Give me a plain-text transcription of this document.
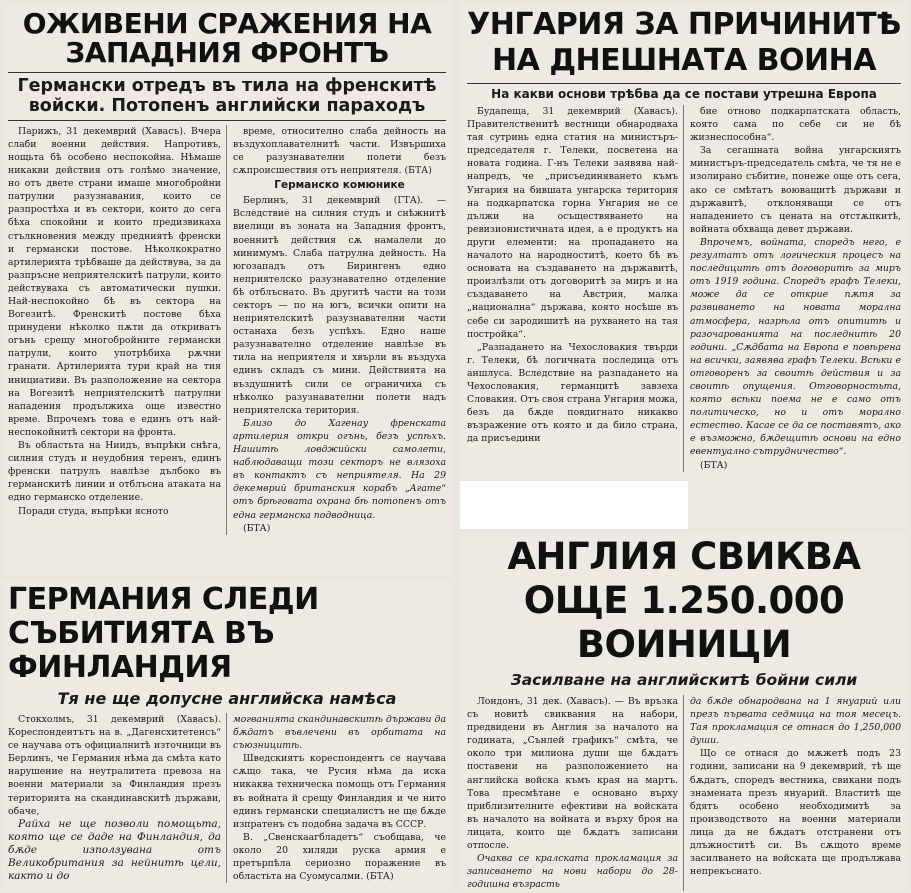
ОЖИВЕНИ СРАЖЕНИЯ НА ЗАПАДНИЯ ФРОНТЪ
Германски отредъ въ тила на френскитѣ войски. Потопенъ английски параходъ

Парижъ, 31 декемврий (Хавасъ). Вчера слаби военни действия. Напротивъ, нощьта бѣ особено неспокойна. Нѣмаше никакви действия отъ голѣмо значение, но отъ двете страни имаше многобройни патрулни разузнавания, които се разпростѣха и въ сектори, които до сега бѣха спокойни и които предизвикаха стълкновения между предниятѣ френски и германски постове. Нѣколкократно артилерията трѣбваше да действува, за да разпръсне неприятелскитѣ патрули, които действуваха съ автоматически пушки. Най-неспокойно бѣ въ сектора на Вогезитѣ. Френскитѣ постове бѣха принудени нѣколко пѫти да откриватъ огънь срещу многобройните германски патрули, които употрѣбиха рѫчни гранати. Артилерията тури край на тия инициативи. Въ разположение на сектора на Вогезитѣ неприятелскитѣ патрулни нападения продължиха още известно време. Впрочемъ това е единъ отъ най-неспокойнитѣ сектори на фронта.

Въ областьта на Ниидъ, въпрѣки снѣга, силния студъ и неудобния теренъ, единъ френски патрулъ навлѣзе дълбоко въ германскитѣ линии и отблъсна атаката на едно германско отделение.

Поради студа, въпрѣки ясното

време, относително слаба дейность на въздухоплавателнитѣ части. Извършиха се разузнавателни полети безъ сѫпроисшествия отъ неприятеля. (БТА)

Германско комюнике

Берлинъ, 31 декемврий (ГТА). — Вследствие на силния студъ и снѣжнитѣ виелици въ зоната на Западния фронтъ, военнитѣ действия сѫ намалели до минимумъ. Слаба патрулна дейность. На югозападъ отъ Бирингенъ едно неприятелско разузнавателно отделение бѣ отблъснато. Въ другитѣ части на този секторъ — по на югъ, всички опити на неприятелскитѣ разузнавателни части останаха безъ успѣхъ. Едно наше разузнавателно отделение навлѣзе въ тила на неприятеля и хвърли въ въздуха единъ складъ съ мини. Действията на въздушнитѣ сили се ограничиха съ нѣколко разузнавателни полети надъ неприятелска територия.

Близо до Хагенау френската артилерия откри огънь, безъ успѣхъ. Нашитѣ ловджийски самолети, наблюдаващи този секторъ не влязоха въ контактъ съ неприятеля. На 29 декемврий британския корабъ „Агате“ отъ брѣговата охрана бѣ потопенъ отъ една германска подводница.

(БТА)

УНГАРИЯ ЗА ПРИЧИНИТѢ НА ДНЕШНАТА ВОИНА
На какви основи трѣбва да се постави утрешна Европа

Будапеща, 31 декемврий (Хавасъ). Правителственитѣ вестници обнародваха тая сутринь една статия на министъръ-председателя г. Телеки, посветена на новата година. Г-нъ Телеки заявява най-напредъ, че „присъединяването къмъ Унгария на бившата унгарска територия на подкарпатска горна Унгария не се дължи на осъществяването на ревизионистичната идея, а е продуктъ на други елементи: на пропадането на началото на народноститѣ, което бѣ въ основата на създаването на държавитѣ, произлѣзли отъ договоритѣ за миръ и на създаването на Австрия, малка „национална“ държава, която носѣше въ себе си зародишитѣ на рухването на тая постройка“.

„Разпадането на Чехословакия твърди г. Телеки, бѣ логичната последица отъ аншлуса. Вследствие на разпадането на Чехословакия, германцитѣ завзеха Словакия. Отъ своя страна Унгария можа, безъ да бѫде повдигнато никакво възражение отъ която и да било страна, да присъедини

бие отново подкарпатската область, която сама по себе си не бѣ жизнеспособна“.

За сегашната война унгарскиятъ министъръ-председатель смѣта, че тя не е изолирано събитие, понеже още отъ сега, ако се смѣтатъ воюващитѣ държави и държавитѣ, отклоняващи се отъ нападението съ цената на отстѫпкитѣ, войната обхваща девет държави.

Впрочемъ, войната, споредъ него, е резултатъ отъ логическия процесъ на последицитѣ отъ договоритѣ за миръ отъ 1919 година. Споредъ графъ Телеки, може да се открие пѫтя за развиването на новата морална атмосфера, назрѣла отъ опититѣ и разочарованията на последнитѣ 20 години. „Сѫдбата на Европа е повѣрена на всички, заявява графъ Телеки. Всѣки е отговоренъ за своитѣ действия и за своитѣ опущения. Отговорностьта, която всѣки поема не е само отъ политическо, но и отъ морално естество. Касае се да се поставятъ, ако е възможно, бѫдещитѣ основи на едно евентуално сътрудничество“.

(БТА)

ГЕРМАНИЯ СЛЕДИ СЪБИТИЯТА ВЪ ФИНЛАНДИЯ
Тя не ще допусне английска намѣса

Стокхолмъ, 31 декемврий (Хавасъ). Кореспондентътъ на в. „Дагенсхитетенсъ“ се научава отъ официалнитѣ източници въ Берлинъ, че Германия нѣма да смѣта като нарушение на неутралитета превоза на военни материали за Финландия презъ територията на скандинавскитѣ държави, обаче,

Райха не ще позволи помощьта, която ще се даде на Финландия, да бѫде използувана отъ Великобритания за нейнитѣ цели, както и до

могванията скандинавскитѣ държави да бѫдатъ въвлечени въ орбитата на съюзницитѣ.

Шведскиятъ кореспондентъ се научава сѫщо така, че Русия нѣма да иска никаква техническа помощь отъ Германия въ войната й срещу Финландия и че нито единъ германски специалистъ не ще бѫде изпратенъ съ подобна задача въ СССР.

В. „Свенскаагбладетъ“ съобщава, че около 20 хиляди руска армия е претърпѣла сериозно поражение въ областьта на Суомусалми. (БТА)

АНГЛИЯ СВИКВА ОЩЕ 1.250.000 ВОИНИЦИ
Засилване на английскитѣ бойни сили

Лондонъ, 31 дек. (Хавасъ). — Въ връзка съ новитѣ свиквания на набори, предвидени въ Англия за началото на годината, „Сънлей графикъ“ смѣта, че около три милиона души ще бѫдатъ поставени на разположението на английска войска къмъ края на мартъ. Това пресмѣтане е основано върху приблизителните ефективи на войската въ началото на войната и върху броя на лицата, които ще бѫдатъ записани отпосле.

Очаква се кралската прокламация за записването на нови набори до 28-годишна възрасть

да бѫде обнародвана на 1 януарий или презъ първата седмица на тоя месецъ. Тая прокламация се отнася до 1,250,000 души.

Що се отнася до мѫжетѣ подъ 23 години, записани на 9 декемврий, тѣ ще бѫдатъ, споредъ вестника, свикани подъ знамената презъ януарий. Властитѣ ще бдятъ особено необходимитѣ за производството на военни материали лица да не бѫдатъ отстранени отъ длъжноститѣ си. Въ сѫщото време засилването на войската ще продължава непрекъснато.
